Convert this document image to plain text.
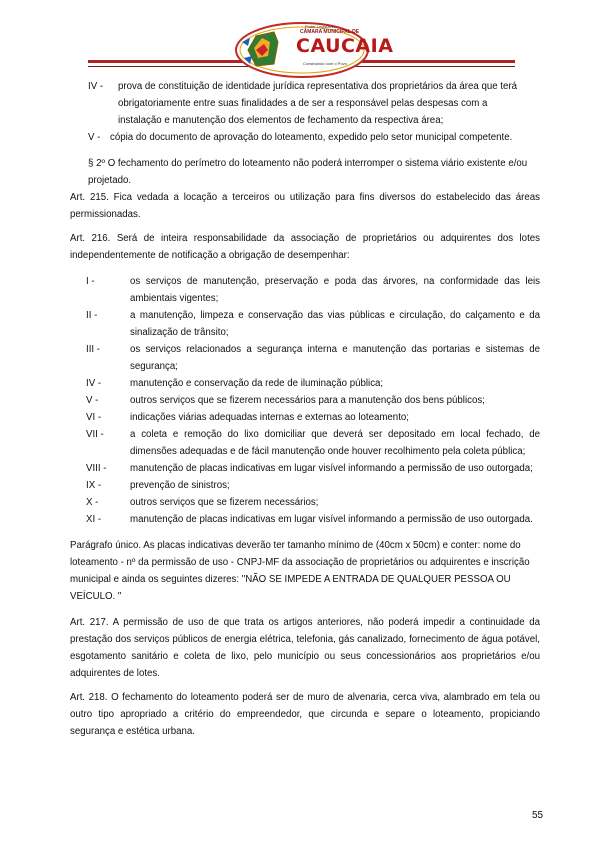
Poder Legislativo
CÂMARA MUNICIPAL DE
CAUCAIA
Construindo com o Povo
IV - prova de constituição de identidade jurídica representativa dos proprietários da área que terá

obrigatoriamente entre suas finalidades a de ser a responsável pelas despesas com a

instalação e manutenção dos elementos de fechamento da respectiva área;

V - cópia do documento de aprovação do loteamento, expedido pelo setor municipal competente.

§ 2º O fechamento do perímetro do loteamento não poderá interromper o sistema viário existente e/ou projetado.

Art. 215. Fica vedada a locação a terceiros ou utilização para fins diversos do estabelecido das áreas permissionadas.

Art. 216. Será de inteira responsabilidade da associação de proprietários ou adquirentes dos lotes independentemente de notificação a obrigação de desempenhar:

I -	os serviços de manutenção, preservação e poda das árvores, na conformidade das leis ambientais vigentes;
II -	a manutenção, limpeza e conservação das vias públicas e circulação, do calçamento e da sinalização de trânsito;
III -	os serviços relacionados a segurança interna e manutenção das portarias e sistemas de segurança;
IV -	manutenção e conservação da rede de iluminação pública;
V -	outros serviços que se fizerem necessários para a manutenção dos bens públicos;
VI -	indicações viárias adequadas internas e externas ao loteamento;
VII -	a coleta e remoção do lixo domiciliar que deverá ser depositado em local fechado, de dimensões adequadas e de fácil manutenção onde houver recolhimento pela coleta pública;
VIII - manutenção de placas indicativas em lugar visível informando a permissão de uso outorgada;
IX -	prevenção de sinistros;
X -	outros serviços que se fizerem necessários;
XI -	manutenção de placas indicativas em lugar visível informando a permissão de uso outorgada.

Parágrafo único. As placas indicativas deverão ter tamanho mínimo de (40cm x 50cm) e conter: nome do loteamento - nº da permissão de uso - CNPJ-MF da associação de proprietários ou adquirentes e inscrição municipal e ainda os seguintes dizeres: "NÃO SE IMPEDE A ENTRADA DE QUALQUER PESSOA OU VEÍCULO. "

Art. 217. A permissão de uso de que trata os artigos anteriores, não poderá impedir a continuidade da prestação dos serviços públicos de energia elétrica, telefonia, gás canalizado, fornecimento de água potável, esgotamento sanitário e coleta de lixo, pelo município ou seus concessionários aos proprietários e/ou adquirentes de lotes.

Art. 218. O fechamento do loteamento poderá ser de muro de alvenaria, cerca viva, alambrado em tela ou outro tipo apropriado a critério do empreendedor, que circunda e separe o loteamento, propiciando segurança e estética urbana.

55
